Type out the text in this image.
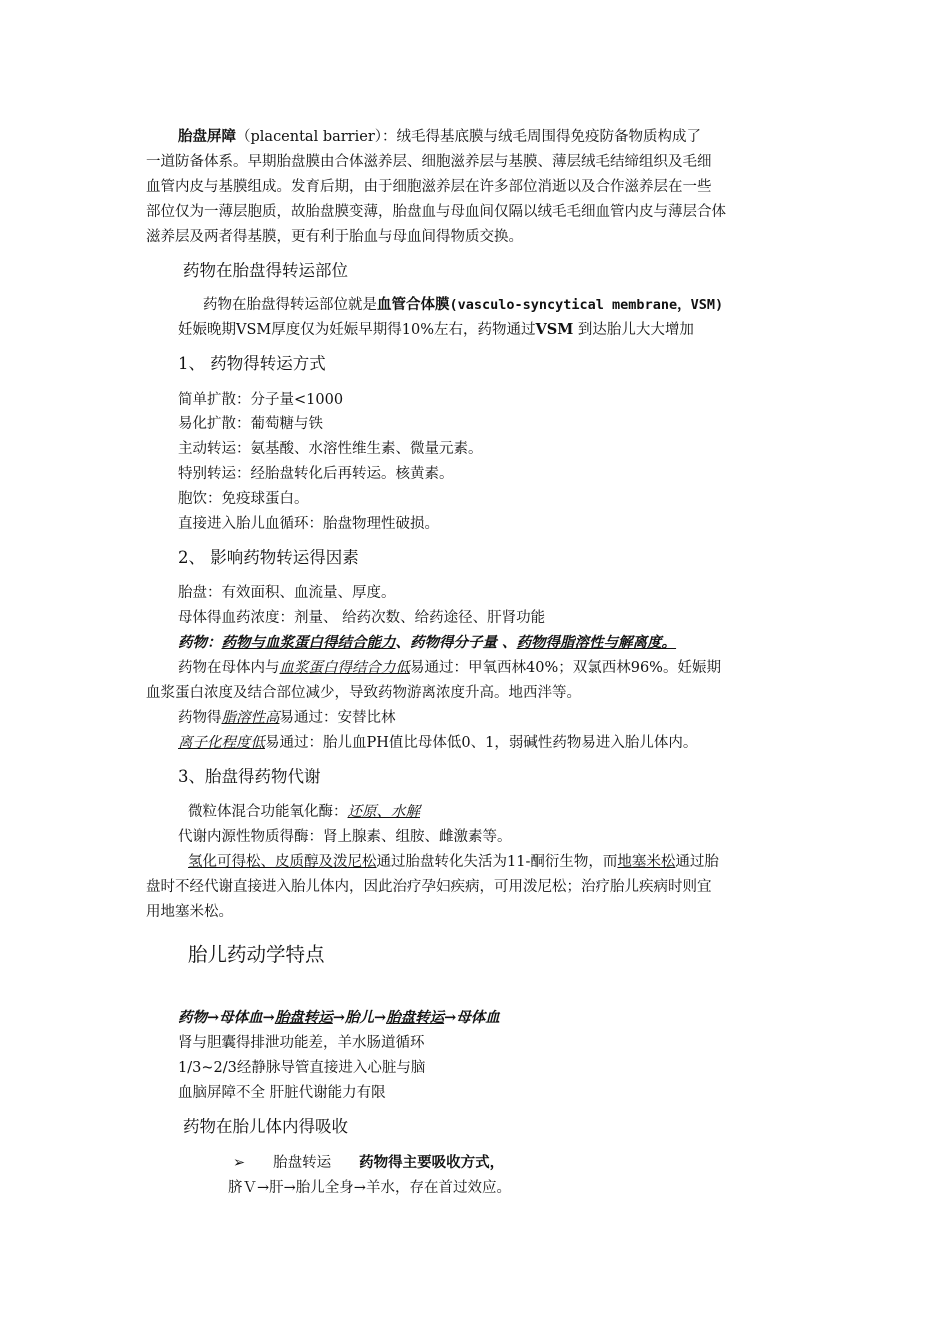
胎盘屏障（placental barrier）：绒毛得基底膜与绒毛周围得免疫防备物质构成了
一道防备体系。早期胎盘膜由合体滋养层、细胞滋养层与基膜、薄层绒毛结缔组织及毛细
血管内皮与基膜组成。发育后期，由于细胞滋养层在许多部位消逝以及合作滋养层在一些
部位仅为一薄层胞质，故胎盘膜变薄，胎盘血与母血间仅隔以绒毛毛细血管内皮与薄层合体
滋养层及两者得基膜，更有利于胎血与母血间得物质交换。
药物在胎盘得转运部位
药物在胎盘得转运部位就是血管合体膜(vasculo-syncytical membrane，VSM)
妊娠晚期VSM厚度仅为妊娠早期得10%左右，药物通过VSM 到达胎儿大大增加
1、 药物得转运方式
简单扩散：分子量<1000
易化扩散：葡萄糖与铁
主动转运：氨基酸、水溶性维生素、微量元素。
特别转运：经胎盘转化后再转运。核黄素。
胞饮：免疫球蛋白。
直接进入胎儿血循环：胎盘物理性破损。
2、 影响药物转运得因素
胎盘：有效面积、血流量、厚度。
母体得血药浓度：剂量、 给药次数、给药途径、肝肾功能
药物：药物与血浆蛋白得结合能力、药物得分子量 、药物得脂溶性与解离度。
药物在母体内与血浆蛋白得结合力低易通过：甲氧西林40%；双氯西林96%。妊娠期
血浆蛋白浓度及结合部位减少，导致药物游离浓度升高。地西泮等。
药物得脂溶性高易通过：安替比林
离子化程度低易通过：胎儿血PH值比母体低0、1，弱碱性药物易进入胎儿体内。
3、胎盘得药物代谢
微粒体混合功能氧化酶：还原、水解
代谢内源性物质得酶：肾上腺素、组胺、雌激素等。
氢化可得松、皮质醇及泼尼松通过胎盘转化失活为11-酮衍生物，而地塞米松通过胎
盘时不经代谢直接进入胎儿体内，因此治疗孕妇疾病，可用泼尼松；治疗胎儿疾病时则宜
用地塞米松。
胎儿药动学特点
药物→母体血→胎盘转运→胎儿→胎盘转运→母体血
肾与胆囊得排泄功能差，羊水肠道循环
1/3~2/3经静脉导管直接进入心脏与脑
血脑屏障不全 肝脏代谢能力有限
药物在胎儿体内得吸收
➢ 胎盘转运 药物得主要吸收方式，
脐Ｖ→肝→胎儿全身→羊水，存在首过效应。
